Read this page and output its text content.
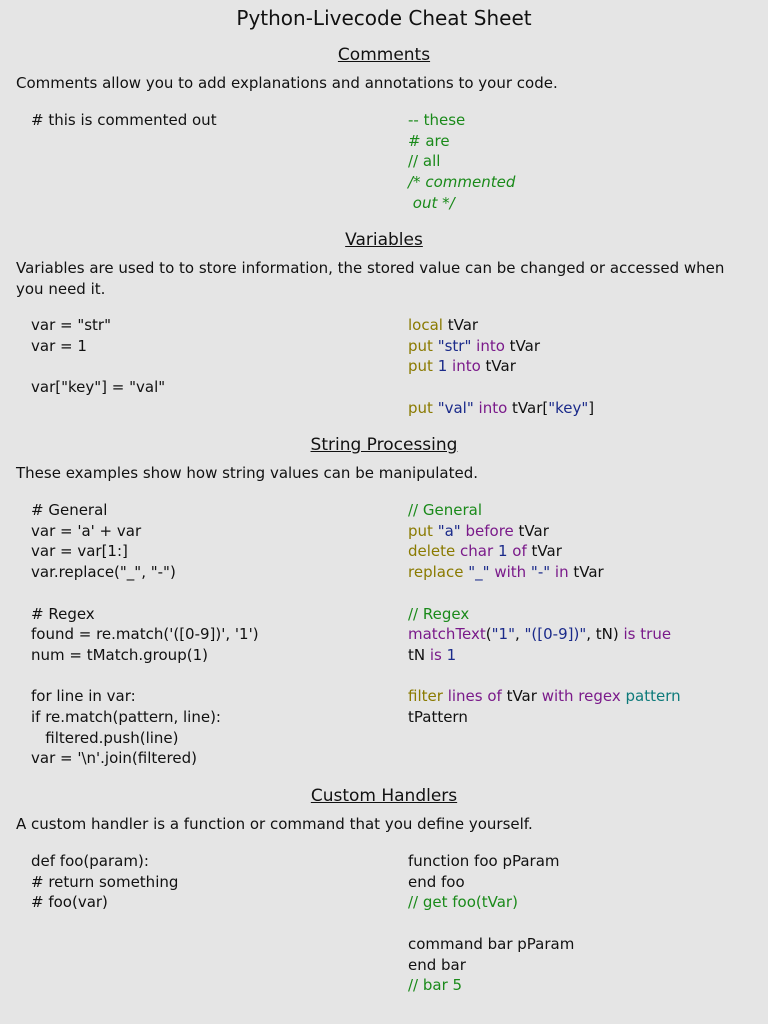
Python-Livecode Cheat Sheet
Comments
Comments allow you to add explanations and annotations to your code.
# this is commented out	-- these
# are
// all
/* commented
out */
Variables
Variables are used to to store information, the stored value can be changed or accessed when you need it.
var = "str"
var = 1
var["key"] = "val"
local tVar
put "str" into tVar
put 1 into tVar
put "val" into tVar["key"]
String Processing
These examples show how string values can be manipulated.
# General
var = 'a' + var
var = var[1:]
var.replace("_", "-")
# Regex
found = re.match('([0-9])', '1')
num = tMatch.group(1)
for line in var:
if re.match(pattern, line):
filtered.push(line)
var = '\n'.join(filtered)
// General
put "a" before tVar
delete char 1 of tVar
replace "_" with "-" in tVar
// Regex
matchText("1", "([0-9])", tN) is true
tN is 1
filter lines of tVar with regex pattern
tPattern
Custom Handlers
A custom handler is a function or command that you define yourself.
def foo(param):
# return something
# foo(var)
function foo pParam
end foo
// get foo(tVar)
command bar pParam
end bar
// bar 5
